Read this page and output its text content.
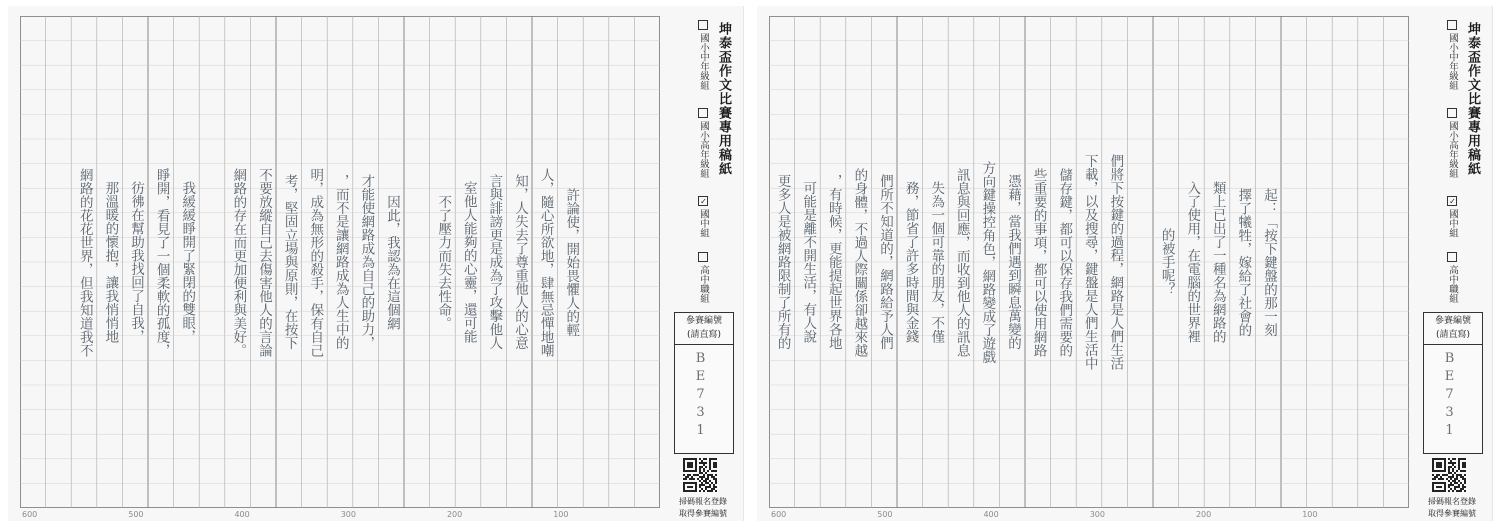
許論使，開始畏懼人的輕
人，隨心所欲地，肆無忌憚地嘲
知，人失去了尊重他人的心意
言與誹謗更是成為了攻擊他人
室他人能夠的心靈，還可能
不了壓力而失去性命。
因此，我認為在這個網
才能使網路成為自己的助力，
，而不是讓網路成為人生中的
明，成為無形的殺手，保有自己
考，堅固立場與原則，在按下
不要放縱自己去傷害他人的言論
網路的存在而更加便利與美好。
我緩緩睜開了緊閉的雙眼，
睜開，看見了一個柔軟的孤度，
彷彿在幫助我找回了自我，
那溫暖的懷抱，讓我悄悄地
網路的花花世界，但我知道我不
600	500	400	300	200	100
坤泰盃作文比賽專用稿紙
國小中年級組
國小高年級組
✓國中組
高中職組
參賽編號
(請直寫)
BE731
掃碼報名登錄
取得參賽編號
起：「按下鍵盤的那一刻
擇了犧牲，嫁給了社會的
類上已出了一種名為網路的
入了使用，在電腦的世界裡
的被手呢？
們將下按鍵的過程，網路是人們生活
下載，以及搜尋，鍵盤是人們生活中
儲存鍵，都可以保存我們需要的
些重要的事項，都可以使用網路
憑藉，當我們遇到瞬息萬變的
方向鍵操控角色，網路變成了遊戲
訊息與回應，而收到他人的訊息
失為一個可靠的朋友，不僅
務，節省了許多時間與金錢
們所不知道的，網路給予人們
的身體，不過人際關係卻越來越
，有時候，更能提起世界各地
可能是離不開生活，有人說
更多人是被網路限制了所有的
600	500	400	300	200	100
坤泰盃作文比賽專用稿紙
國小中年級組
國小高年級組
✓國中組
高中職組
參賽編號
(請直寫)
BE731
掃碼報名登錄
取得參賽編號
